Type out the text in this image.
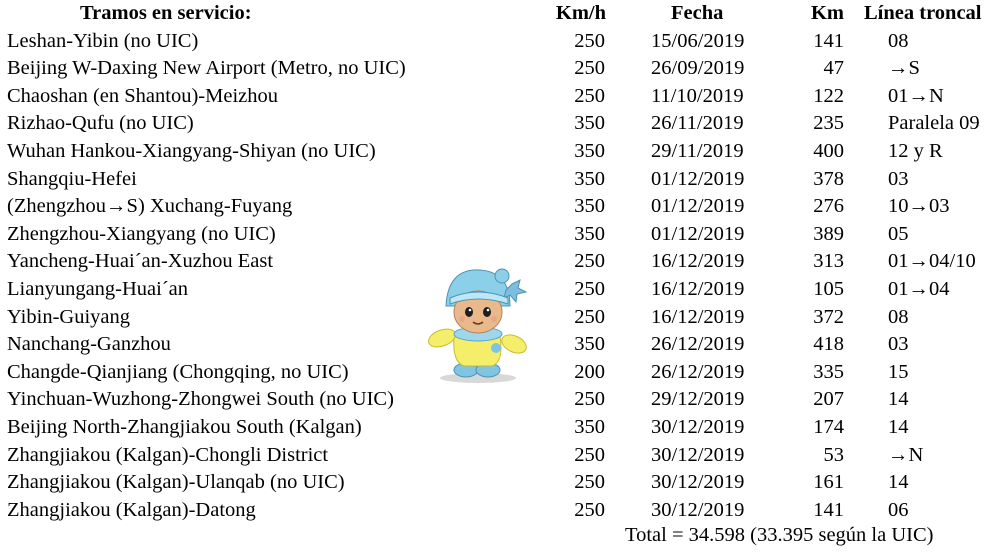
Tramos en servicio:	Km/h	Fecha	Km Línea troncal
Leshan-Yibin (no UIC)	250 15/06/2019	141 08
Beijing W-Daxing New Airport (Metro, no UIC)	250 26/09/2019	47 →S
Chaoshan (en Shantou)-Meizhou	250 11/10/2019	122 01→N
Rizhao-Qufu (no UIC)	350 26/11/2019	235 Paralela 09
Wuhan Hankou-Xiangyang-Shiyan (no UIC)	350 29/11/2019	400 12 y R
Shangqiu-Hefei	350 01/12/2019	378 03
(Zhengzhou→S) Xuchang-Fuyang	350 01/12/2019	276 10→03
Zhengzhou-Xiangyang (no UIC)	350 01/12/2019	389 05
Yancheng-Huai´an-Xuzhou East	250 16/12/2019	313 01→04/10
Lianyungang-Huai´an	250 16/12/2019	105 01→04
Yibin-Guiyang	250 16/12/2019	372 08
Nanchang-Ganzhou	350 26/12/2019	418 03
Changde-Qianjiang (Chongqing, no UIC)	200 26/12/2019	335 15
Yinchuan-Wuzhong-Zhongwei South (no UIC)	250 29/12/2019	207 14
Beijing North-Zhangjiakou South (Kalgan)	350 30/12/2019	174 14
Zhangjiakou (Kalgan)-Chongli District	250 30/12/2019	53 →N
Zhangjiakou (Kalgan)-Ulanqab (no UIC)	250 30/12/2019	161 14
Zhangjiakou (Kalgan)-Datong	250 30/12/2019	141 06
Total = 34.598 (33.395 según la UIC)
